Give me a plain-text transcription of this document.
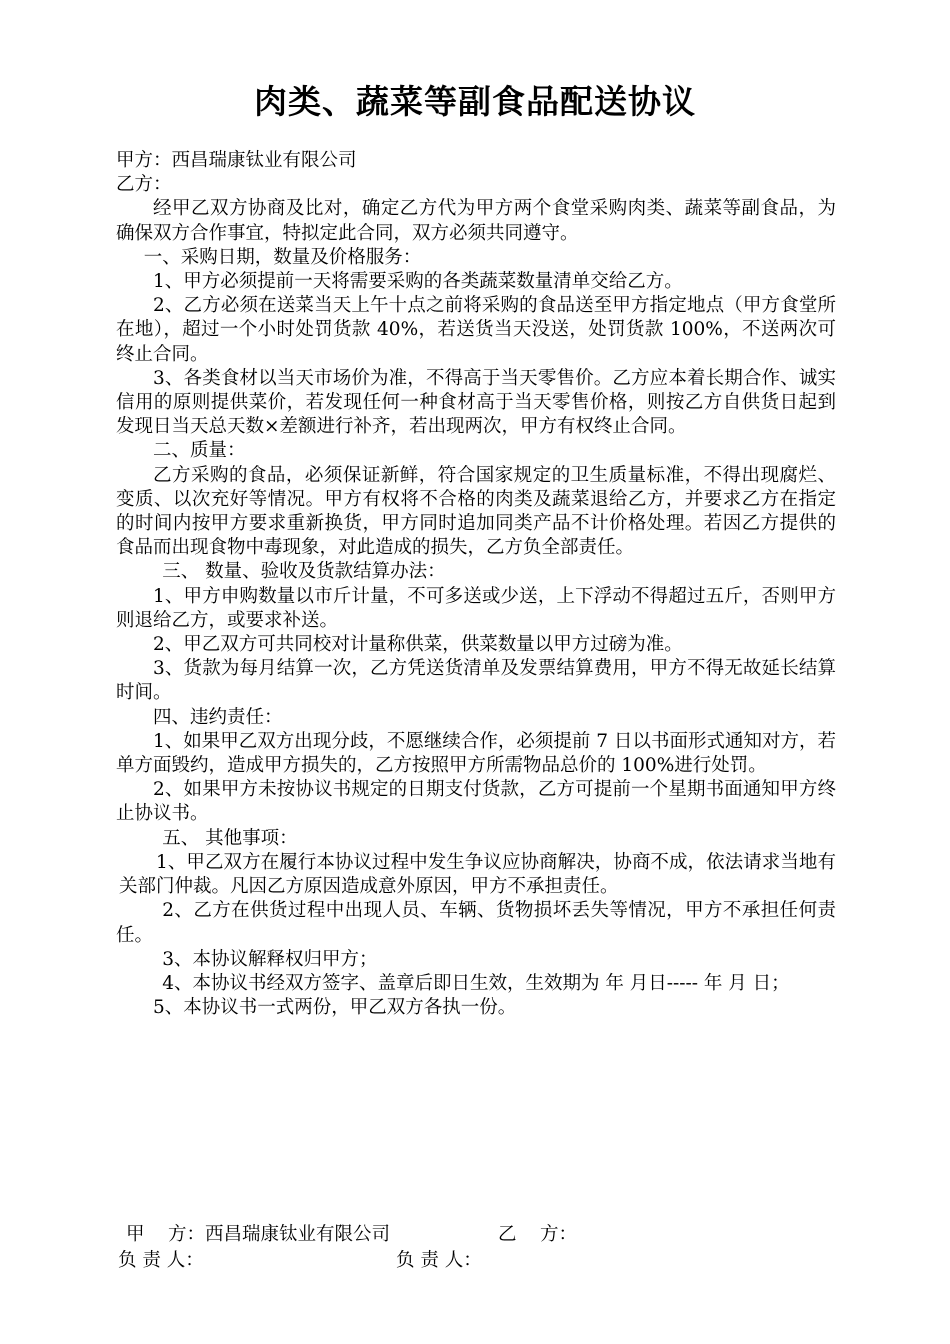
肉类、蔬菜等副食品配送协议

甲方：西昌瑞康钛业有限公司

乙方：

经甲乙双方协商及比对，确定乙方代为甲方两个食堂采购肉类、蔬菜等副食品，为确保双方合作事宜，特拟定此合同，双方必须共同遵守。

一、采购日期，数量及价格服务：

1、甲方必须提前一天将需要采购的各类蔬菜数量清单交给乙方。

2、乙方必须在送菜当天上午十点之前将采购的食品送至甲方指定地点（甲方食堂所在地），超过一个小时处罚货款 40%，若送货当天没送，处罚货款 100%，不送两次可终止合同。

3、各类食材以当天市场价为准，不得高于当天零售价。乙方应本着长期合作、诚实信用的原则提供菜价，若发现任何一种食材高于当天零售价格，则按乙方自供货日起到发现日当天总天数×差额进行补齐，若出现两次，甲方有权终止合同。

二、质量：

乙方采购的食品，必须保证新鲜，符合国家规定的卫生质量标准，不得出现腐烂、变质、以次充好等情况。甲方有权将不合格的肉类及蔬菜退给乙方，并要求乙方在指定的时间内按甲方要求重新换货，甲方同时追加同类产品不计价格处理。若因乙方提供的食品而出现食物中毒现象，对此造成的损失，乙方负全部责任。

三、 数量、验收及货款结算办法：

1、甲方申购数量以市斤计量，不可多送或少送，上下浮动不得超过五斤，否则甲方则退给乙方，或要求补送。

2、甲乙双方可共同校对计量称供菜，供菜数量以甲方过磅为准。

3、货款为每月结算一次，乙方凭送货清单及发票结算费用，甲方不得无故延长结算时间。

四、违约责任：

1、如果甲乙双方出现分歧，不愿继续合作，必须提前 7 日以书面形式通知对方，若单方面毁约，造成甲方损失的，乙方按照甲方所需物品总价的 100%进行处罚。

2、如果甲方未按协议书规定的日期支付货款，乙方可提前一个星期书面通知甲方终止协议书。

五、 其他事项：

1、甲乙双方在履行本协议过程中发生争议应协商解决，协商不成，依法请求当地有关部门仲裁。凡因乙方原因造成意外原因，甲方不承担责任。

2、乙方在供货过程中出现人员、车辆、货物损坏丢失等情况，甲方不承担任何责任。

3、本协议解释权归甲方；

4、本协议书经双方签字、盖章后即日生效，生效期为 年 月日----- 年 月 日；

5、本协议书一式两份，甲乙双方各执一份。

甲    方：西昌瑞康钛业有限公司	乙    方：
负 责 人：	负 责 人：
